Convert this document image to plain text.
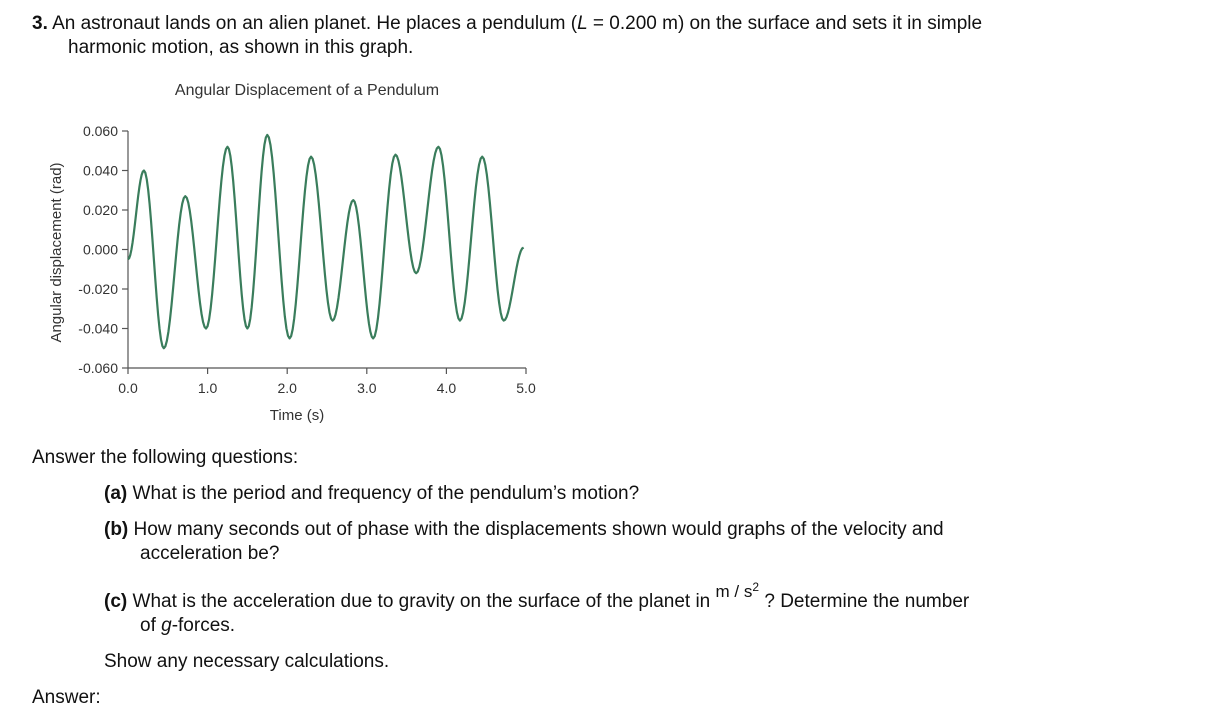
3. An astronaut lands on an alien planet. He places a pendulum (L = 0.200 m) on the surface and sets it in simple
harmonic motion, as shown in this graph.
Angular Displacement of a Pendulum
Angular displacement (rad)
Time (s)
0.060
0.040
0.020
0.000
-0.020
-0.040
-0.060
0.0	1.0	2.0	3.0	4.0	5.0
Answer the following questions:
(a) What is the period and frequency of the pendulum’s motion?
(b) How many seconds out of phase with the displacements shown would graphs of the velocity and
acceleration be?
(c) What is the acceleration due to gravity on the surface of the planet in m / $s^2$ ? Determine the number
of g-forces.
Show any necessary calculations.
Answer:
